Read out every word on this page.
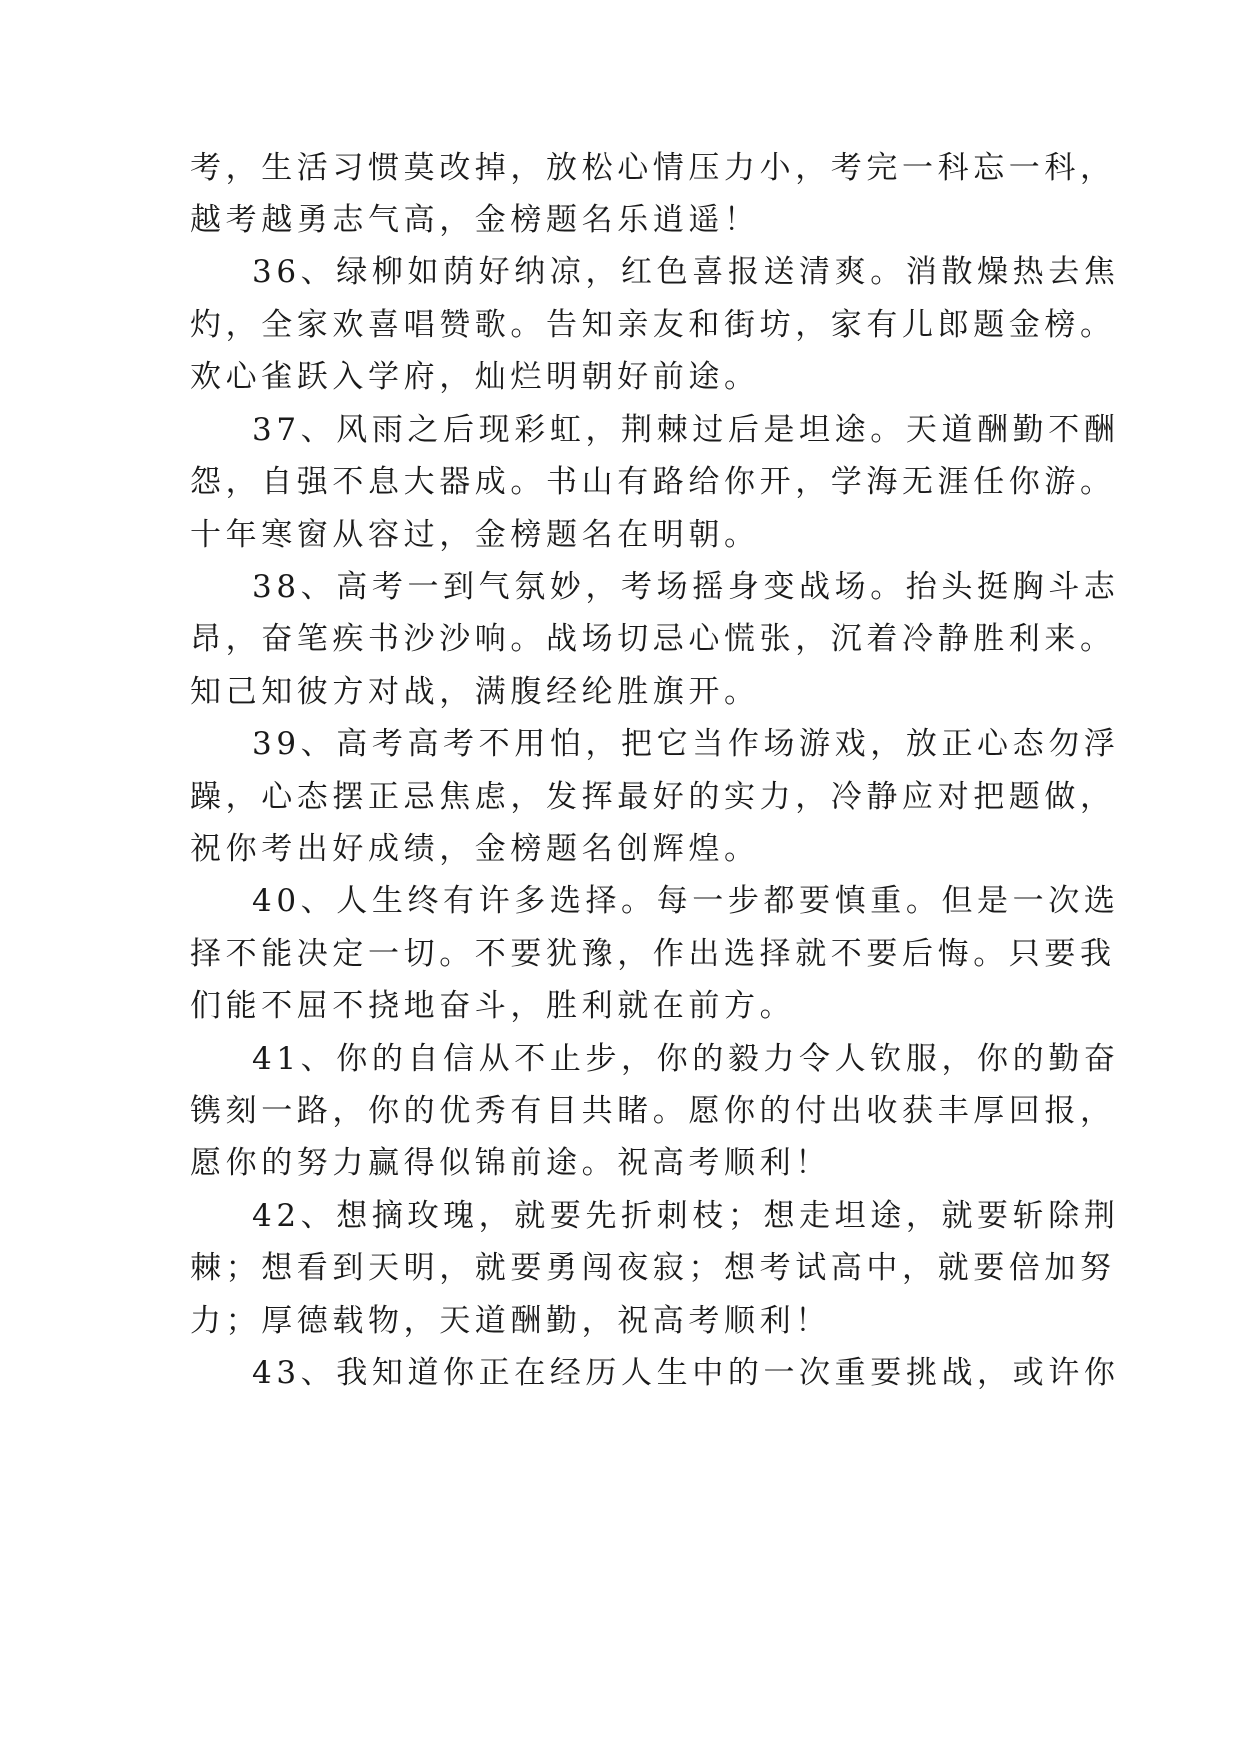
考，生活习惯莫改掉，放松心情压力小，考完一科忘一科，
越考越勇志气高，金榜题名乐逍遥！
36、绿柳如荫好纳凉，红色喜报送清爽。消散燥热去焦
灼，全家欢喜唱赞歌。告知亲友和街坊，家有儿郎题金榜。
欢心雀跃入学府，灿烂明朝好前途。
37、风雨之后现彩虹，荆棘过后是坦途。天道酬勤不酬
怨，自强不息大器成。书山有路给你开，学海无涯任你游。
十年寒窗从容过，金榜题名在明朝。
38、高考一到气氛妙，考场摇身变战场。抬头挺胸斗志
昂，奋笔疾书沙沙响。战场切忌心慌张，沉着冷静胜利来。
知己知彼方对战，满腹经纶胜旗开。
39、高考高考不用怕，把它当作场游戏，放正心态勿浮
躁，心态摆正忌焦虑，发挥最好的实力，冷静应对把题做，
祝你考出好成绩，金榜题名创辉煌。
40、人生终有许多选择。每一步都要慎重。但是一次选
择不能决定一切。不要犹豫，作出选择就不要后悔。只要我
们能不屈不挠地奋斗，胜利就在前方。
41、你的自信从不止步，你的毅力令人钦服，你的勤奋
镌刻一路，你的优秀有目共睹。愿你的付出收获丰厚回报，
愿你的努力赢得似锦前途。祝高考顺利！
42、想摘玫瑰，就要先折刺枝；想走坦途，就要斩除荆
棘；想看到天明，就要勇闯夜寂；想考试高中，就要倍加努
力；厚德载物，天道酬勤，祝高考顺利！
43、我知道你正在经历人生中的一次重要挑战，或许你
